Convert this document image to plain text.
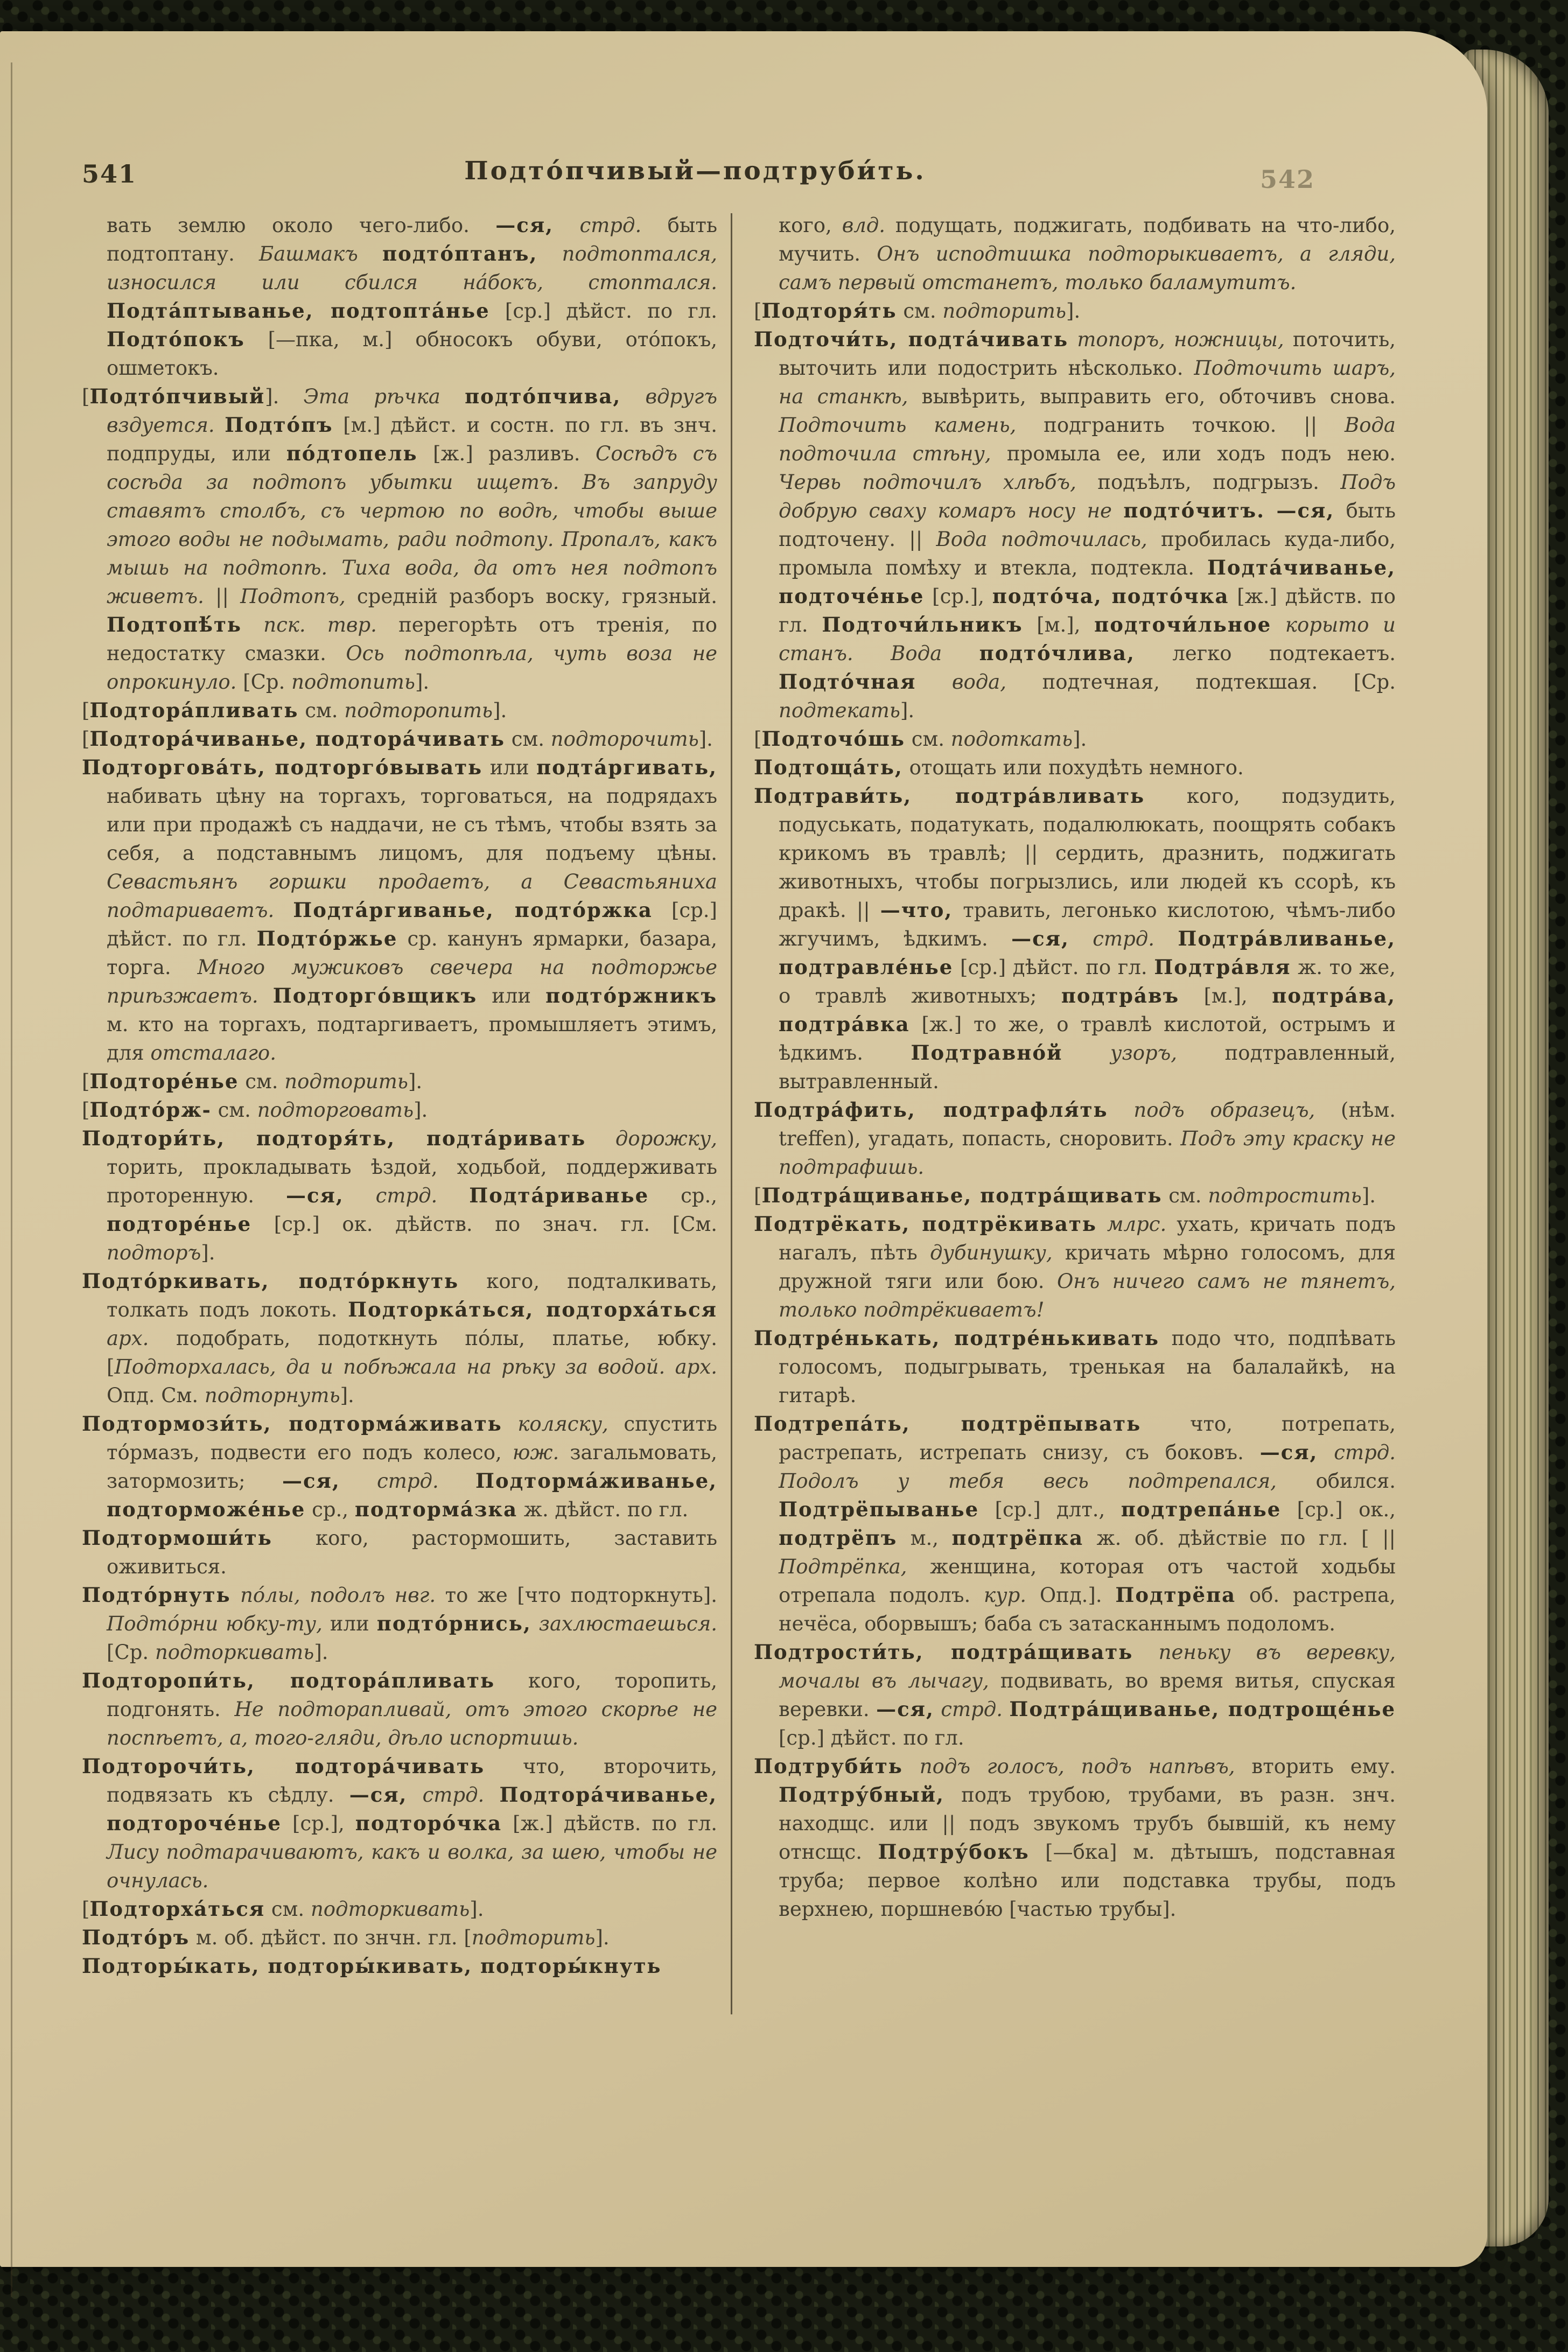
541	Подто́пчивый—подтруби́ть.	542

вать землю около чего-либо. —ся, стрд. быть подтоптану. Башмакъ подто́птанъ, подтоптался, износился или сбился на́бокъ, стоптался. Подта́птыванье, подтопта́нье [ср.] дѣйст. по гл. Подто́покъ [—пка, м.] обносокъ обуви, ото́покъ, ошметокъ.

[Подто́пчивый]. Эта рѣчка подто́пчива, вдругъ вздуется. Подто́пъ [м.] дѣйст. и состн. по гл. въ знч. подпруды, или по́дтопель [ж.] разливъ. Сосѣдъ съ сосѣда за подтопъ убытки ищетъ. Въ запруду ставятъ столбъ, съ чертою по водѣ, чтобы выше этого воды не подымать, ради подтопу. Пропалъ, какъ мышь на подтопѣ. Тиха вода, да отъ нея подтопъ живетъ. || Подтопъ, средній разборъ воску, грязный. Подтопѣ́ть пск. твр. перегорѣть отъ тренія, по недостатку смазки. Ось подтопѣла, чуть воза не опрокинуло. [Ср. подтопить].

[Подтора́пливать см. подторопить].

[Подтора́чиванье, подтора́чивать см. подторочить].

Подторгова́ть, подторго́вывать или подта́ргивать, набивать цѣну на торгахъ, торговаться, на подрядахъ или при продажѣ съ наддачи, не съ тѣмъ, чтобы взять за себя, а подставнымъ лицомъ, для подъему цѣны. Севастьянъ горшки продаетъ, а Севастьяниха подтариваетъ. Подта́ргиванье, подто́ржка [ср.] дѣйст. по гл. Подто́ржье ср. канунъ ярмарки, базара, торга. Много мужиковъ свечера на подторжье приѣзжаетъ. Подторго́вщикъ или подто́ржникъ м. кто на торгахъ, подтаргиваетъ, промышляетъ этимъ, для отсталаго.

[Подторе́нье см. подторить].

[Подто́рж- см. подторговать].

Подтори́ть, подторя́ть, подта́ривать дорожку, торить, прокладывать ѣздой, ходьбой, поддерживать проторенную. —ся, стрд. Подта́риванье ср., подторе́нье [ср.] ок. дѣйств. по знач. гл. [См. подторъ].

Подто́ркивать, подто́ркнуть кого, подталкивать, толкать подъ локоть. Подторка́ться, подторха́ться арх. подобрать, подоткнуть по́лы, платье, юбку. [Подторхалась, да и побѣжала на рѣку за водой. арх. Опд. См. подторнуть].

Подтормози́ть, подторма́живать коляску, спустить то́рмазъ, подвести его подъ колесо, юж. загальмовать, затормозить; —ся, стрд. Подторма́живанье, подторможе́нье ср., подторма́зка ж. дѣйст. по гл.

Подтормоши́ть кого, растормошить, заставить оживиться.

Подто́рнуть по́лы, подолъ нвг. то же [что подторкнуть]. Подто́рни юбку-ту, или подто́рнись, захлюстаешься. [Ср. подторкивать].

Подторопи́ть, подтора́пливать кого, торопить, подгонять. Не подторапливай, отъ этого скорѣе не поспѣетъ, а, того-гляди, дѣло испортишь.

Подторочи́ть, подтора́чивать что, второчить, подвязать къ сѣдлу. —ся, стрд. Подтора́чиванье, подтороче́нье [ср.], подторо́чка [ж.] дѣйств. по гл. Лису подтарачиваютъ, какъ и волка, за шею, чтобы не очнулась.

[Подторха́ться см. подторкивать].

Подто́ръ м. об. дѣйст. по знчн. гл. [подторить].

Подторы́кать, подторы́кивать, подторы́кнуть

кого, влд. подущать, поджигать, подбивать на что-либо, мучить. Онъ исподтишка подторыкиваетъ, а гляди, самъ первый отстанетъ, только баламутитъ.

[Подторя́ть см. подторить].

Подточи́ть, подта́чивать топоръ, ножницы, поточить, выточить или подострить нѣсколько. Подточить шаръ, на станкѣ, вывѣрить, выправить его, обточивъ снова. Подточить камень, подгранить точкою. || Вода подточила стѣну, промыла ее, или ходъ подъ нею. Червь подточилъ хлѣбъ, подъѣлъ, подгрызъ. Подъ добрую сваху комаръ носу не подто́читъ. —ся, быть подточену. || Вода подточилась, пробилась куда-либо, промыла помѣху и втекла, подтекла. Подта́чиванье, подточе́нье [ср.], подто́ча, подто́чка [ж.] дѣйств. по гл. Подточи́льникъ [м.], подточи́льное корыто и станъ. Вода подто́члива, легко подтекаетъ. Подто́чная вода, подтечная, подтекшая. [Ср. подтекать].

[Подточо́шь см. подоткать].

Подтоща́ть, отощать или похудѣть немного.

Подтрави́ть, подтра́вливать кого, подзудить, подуськать, податукать, подалюлюкать, поощрять собакъ крикомъ въ травлѣ; || сердить, дразнить, поджигать животныхъ, чтобы погрызлись, или людей къ ссорѣ, къ дракѣ. || —что, травить, легонько кислотою, чѣмъ-либо жгучимъ, ѣдкимъ. —ся, стрд. Подтра́вливанье, подтравле́нье [ср.] дѣйст. по гл. Подтра́вля ж. то же, о травлѣ животныхъ; подтра́въ [м.], подтра́ва, подтра́вка [ж.] то же, о травлѣ кислотой, острымъ и ѣдкимъ. Подтравно́й узоръ, подтравленный, вытравленный.

Подтра́фить, подтрафля́ть подъ образецъ, (нѣм. treffen), угадать, попасть, сноровить. Подъ эту краску не подтрафишь.

[Подтра́щиванье, подтра́щивать см. подтростить].

Подтрёкать, подтрёкивать млрс. ухать, кричать подъ нагалъ, пѣть дубинушку, кричать мѣрно голосомъ, для дружной тяги или бою. Онъ ничего самъ не тянетъ, только подтрёкиваетъ!

Подтре́нькать, подтре́нькивать подо что, подпѣвать голосомъ, подыгрывать, тренькая на балалайкѣ, на гитарѣ.

Подтрепа́ть, подтрёпывать что, потрепать, растрепать, истрепать снизу, съ боковъ. —ся, стрд. Подолъ у тебя весь подтрепался, обился. Подтрёпыванье [ср.] длт., подтрепа́нье [ср.] ок., подтрёпъ м., подтрёпка ж. об. дѣйствіе по гл. [ || Подтрёпка, женщина, которая отъ частой ходьбы отрепала подолъ. кур. Опд.]. Подтрёпа об. растрепа, нечёса, оборвышъ; баба съ затасканнымъ подоломъ.

Подтрости́ть, подтра́щивать пеньку въ веревку, мочалы въ лычагу, подвивать, во время витья, спуская веревки. —ся, стрд. Подтра́щиванье, подтроще́нье [ср.] дѣйст. по гл.

Подтруби́ть подъ голосъ, подъ напѣвъ, вторить ему. Подтру́бный, подъ трубою, трубами, въ разн. знч. находщс. или || подъ звукомъ трубъ бывшій, къ нему отнсщс. Подтру́бокъ [—бка] м. дѣтышъ, подставная труба; первое колѣно или подставка трубы, подъ верхнею, поршнево́ю [частью трубы].
